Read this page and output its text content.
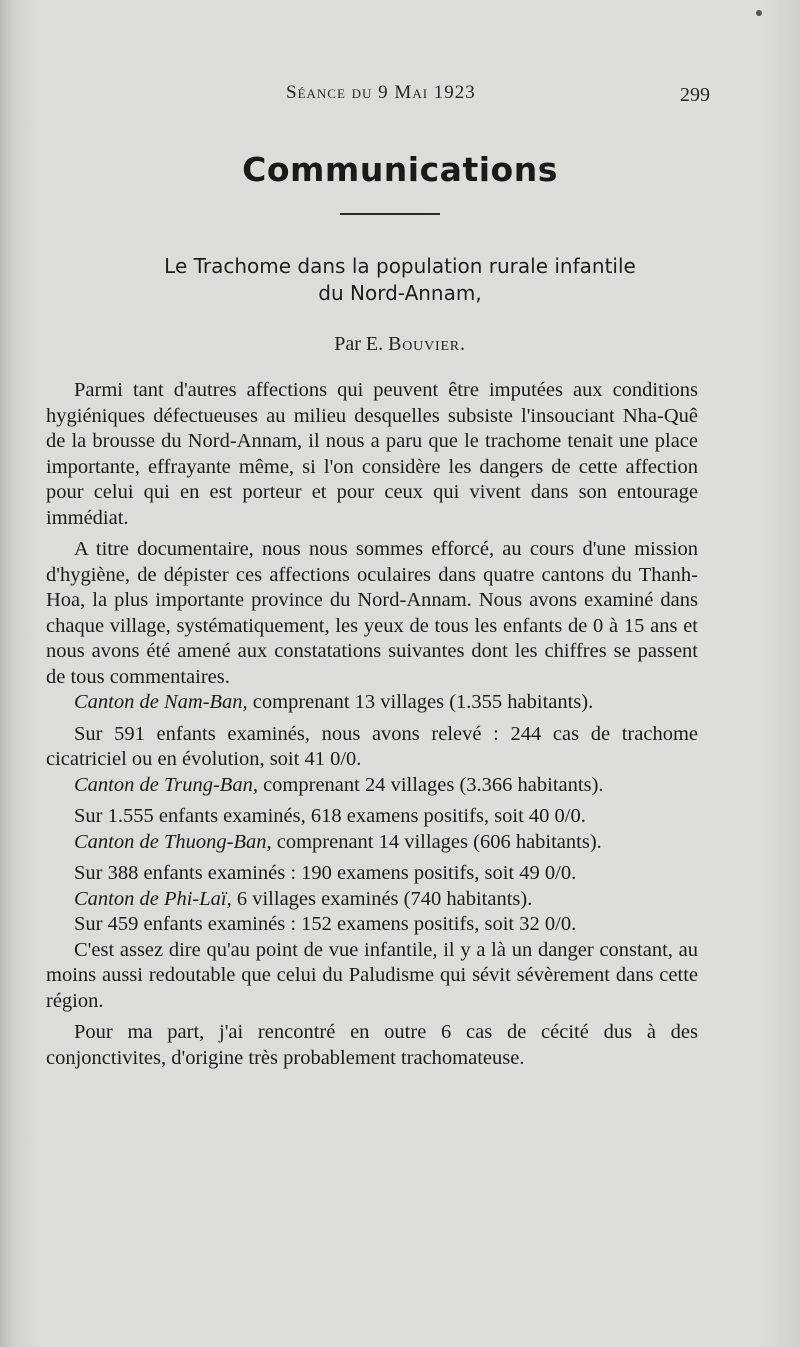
Séance du 9 Mai 1923	299
Communications
Le Trachome dans la population rurale infantile
du Nord-Annam,
Par E. Bouvier.

Parmi tant d'autres affections qui peuvent être imputées aux conditions hygiéniques défectueuses au milieu desquelles subsiste l'insouciant Nha-Quê de la brousse du Nord-Annam, il nous a paru que le trachome tenait une place importante, effrayante même, si l'on considère les dangers de cette affection pour celui qui en est porteur et pour ceux qui vivent dans son entourage immédiat.

A titre documentaire, nous nous sommes efforcé, au cours d'une mission d'hygiène, de dépister ces affections oculaires dans quatre cantons du Thanh-Hoa, la plus importante province du Nord-Annam. Nous avons examiné dans chaque village, systématiquement, les yeux de tous les enfants de 0 à 15 ans et nous avons été amené aux constatations suivantes dont les chiffres se passent de tous commentaires.

Canton de Nam-Ban, comprenant 13 villages (1.355 habitants).

Sur 591 enfants examinés, nous avons relevé : 244 cas de trachome cicatriciel ou en évolution, soit 41 0/0.

Canton de Trung-Ban, comprenant 24 villages (3.366 habitants).

Sur 1.555 enfants examinés, 618 examens positifs, soit 40 0/0.

Canton de Thuong-Ban, comprenant 14 villages (606 habitants).

Sur 388 enfants examinés : 190 examens positifs, soit 49 0/0.

Canton de Phi-Laï, 6 villages examinés (740 habitants).

Sur 459 enfants examinés : 152 examens positifs, soit 32 0/0.

C'est assez dire qu'au point de vue infantile, il y a là un danger constant, au moins aussi redoutable que celui du Paludisme qui sévit sévèrement dans cette région.

Pour ma part, j'ai rencontré en outre 6 cas de cécité dus à des conjonctivites, d'origine très probablement trachomateuse.
